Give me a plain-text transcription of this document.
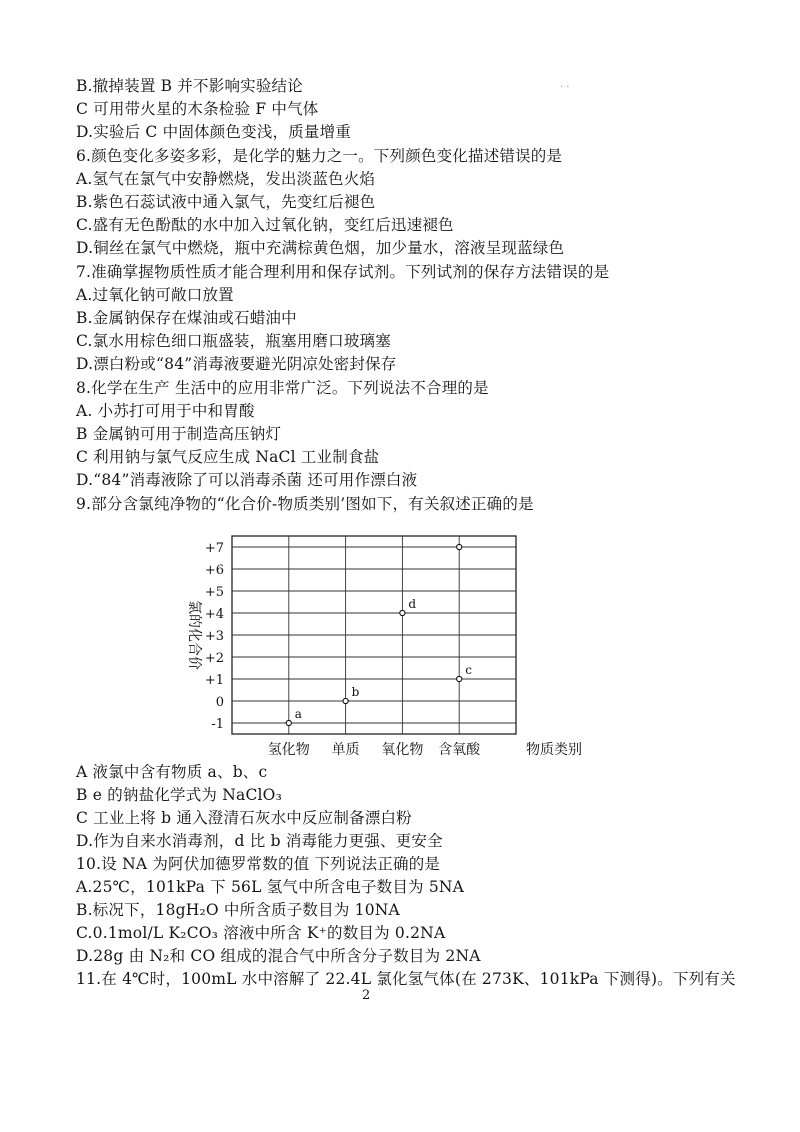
· ·
B.撤掉装置 B 并不影响实验结论
C 可用带火星的木条检验 F 中气体
D.实验后 C 中固体颜色变浅，质量增重
6.颜色变化多姿多彩，是化学的魅力之一。下列颜色变化描述错误的是
A.氢气在氯气中安静燃烧，发出淡蓝色火焰
B.紫色石蕊试液中通入氯气，先变红后褪色
C.盛有无色酚酞的水中加入过氧化钠，变红后迅速褪色
D.铜丝在氯气中燃烧，瓶中充满棕黄色烟，加少量水，溶液呈现蓝绿色
7.准确掌握物质性质才能合理利用和保存试剂。下列试剂的保存方法错误的是
A.过氧化钠可敞口放置
B.金属钠保存在煤油或石蜡油中
C.氯水用棕色细口瓶盛装，瓶塞用磨口玻璃塞
D.漂白粉或“84”消毒液要避光阴凉处密封保存
8.化学在生产 生活中的应用非常广泛。下列说法不合理的是
A. 小苏打可用于中和胃酸
B 金属钠可用于制造高压钠灯
C 利用钠与氯气反应生成 NaCl 工业制食盐
D.“84”消毒液除了可以消毒杀菌 还可用作漂白液
9.部分含氯纯净物的“化合价-物质类别’图如下，有关叙述正确的是
+7
+6
+5
+4
+3
+2
+1
0
-1
氯的化合价
氢化物 单质 氧化物 含氧酸	物质类别
a
b
d
c
A 液氯中含有物质 a、b、c
B e 的钠盐化学式为 NaClO₃
C 工业上将 b 通入澄清石灰水中反应制备漂白粉
D.作为自来水消毒剂，d 比 b 消毒能力更强、更安全
10.设 NA 为阿伏加德罗常数的值 下列说法正确的是
A.25℃，101kPa 下 56L 氢气中所含电子数目为 5NA
B.标况下，18gH₂O 中所含质子数目为 10NA
C.0.1mol/L K₂CO₃ 溶液中所含 K⁺的数目为 0.2NA
D.28g 由 N₂和 CO 组成的混合气中所含分子数目为 2NA
11.在 4℃时，100mL 水中溶解了 22.4L 氯化氢气体(在 273K、101kPa 下测得)。下列有关
2
